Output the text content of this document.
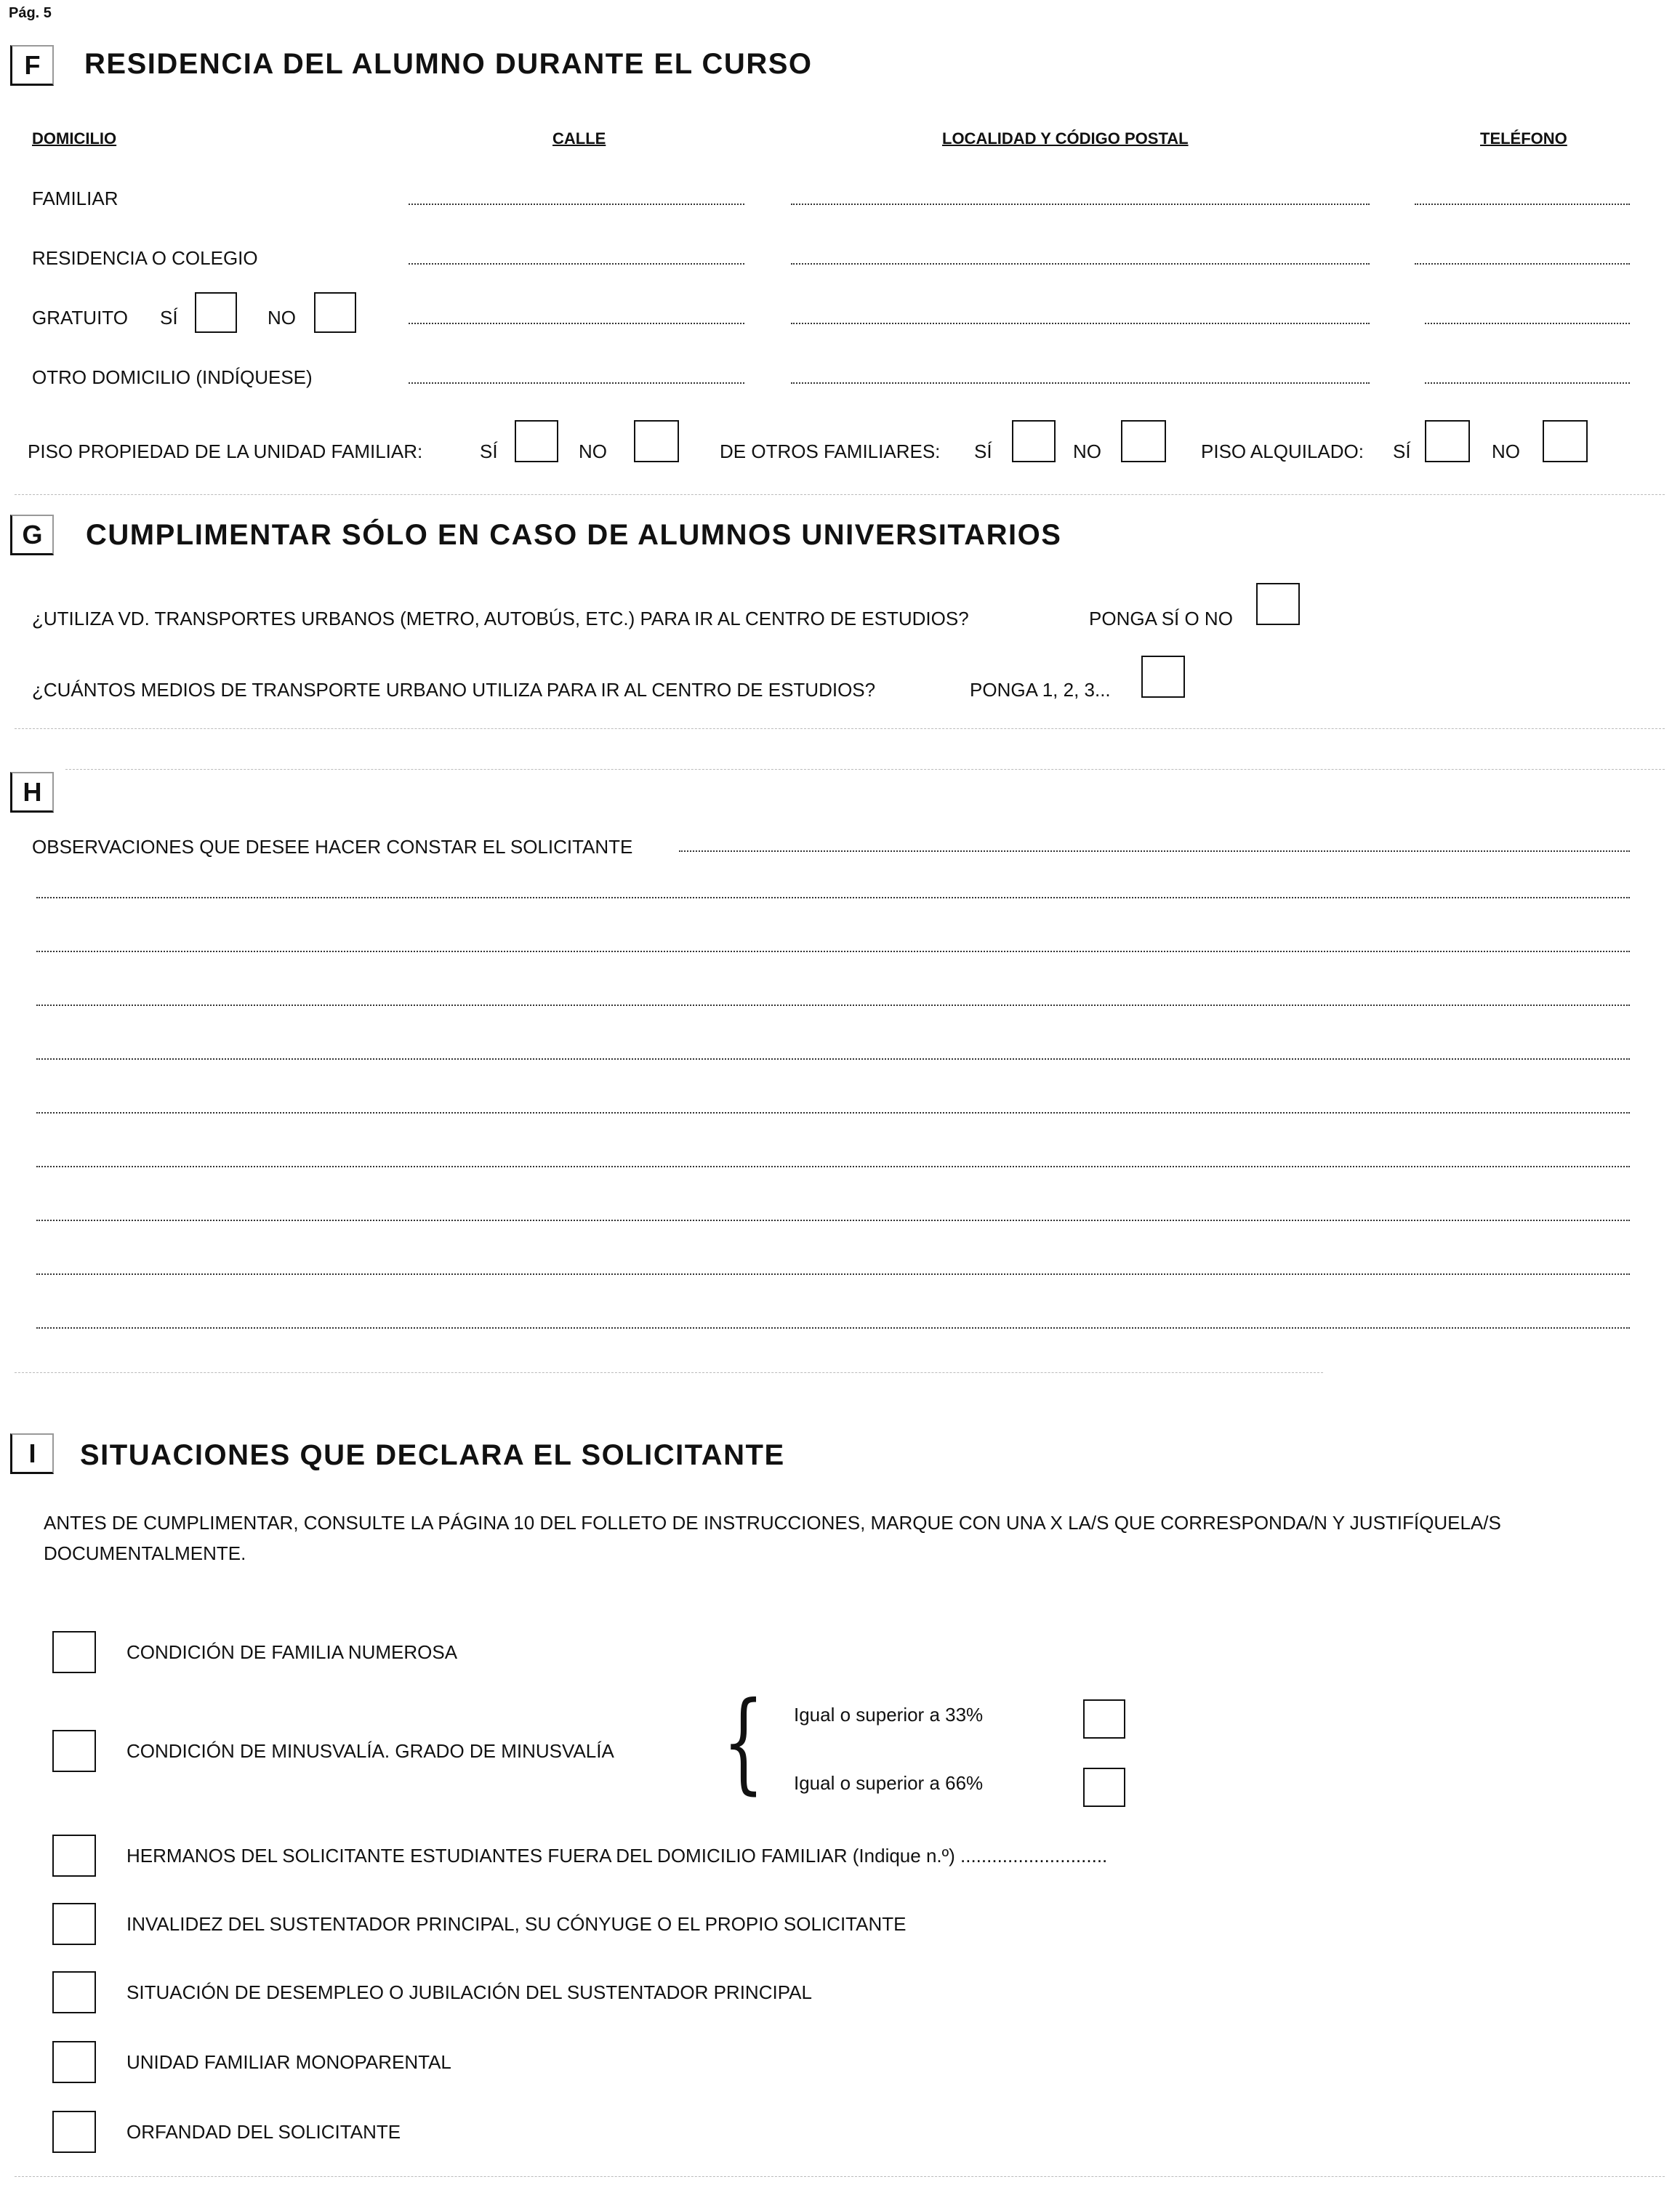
Pág. 5
F	RESIDENCIA DEL ALUMNO DURANTE EL CURSO
DOMICILIO	CALLE	LOCALIDAD Y CÓDIGO POSTAL	TELÉFONO
FAMILIAR
RESIDENCIA O COLEGIO
GRATUITO SÍ	NO
OTRO DOMICILIO (INDÍQUESE)
PISO PROPIEDAD DE LA UNIDAD FAMILIAR:	SÍ	NO	DE OTROS FAMILIARES: SÍ	NO	PISO ALQUILADO: SÍ	NO
G	CUMPLIMENTAR SÓLO EN CASO DE ALUMNOS UNIVERSITARIOS
¿UTILIZA VD. TRANSPORTES URBANOS (METRO, AUTOBÚS, ETC.) PARA IR AL CENTRO DE ESTUDIOS?	PONGA SÍ O NO
¿CUÁNTOS MEDIOS DE TRANSPORTE URBANO UTILIZA PARA IR AL CENTRO DE ESTUDIOS?	PONGA 1, 2, 3...
H
OBSERVACIONES QUE DESEE HACER CONSTAR EL SOLICITANTE
I	SITUACIONES QUE DECLARA EL SOLICITANTE
ANTES DE CUMPLIMENTAR, CONSULTE LA PÁGINA 10 DEL FOLLETO DE INSTRUCCIONES, MARQUE CON UNA X LA/S QUE CORRESPONDA/N Y JUSTIFÍQUELA/S
DOCUMENTALMENTE.
CONDICIÓN DE FAMILIA NUMEROSA
CONDICIÓN DE MINUSVALÍA. GRADO DE MINUSVALÍA { Igual o superior a 33%
Igual o superior a 66%
HERMANOS DEL SOLICITANTE ESTUDIANTES FUERA DEL DOMICILIO FAMILIAR (Indique n.º) ............................
INVALIDEZ DEL SUSTENTADOR PRINCIPAL, SU CÓNYUGE O EL PROPIO SOLICITANTE
SITUACIÓN DE DESEMPLEO O JUBILACIÓN DEL SUSTENTADOR PRINCIPAL
UNIDAD FAMILIAR MONOPARENTAL
ORFANDAD DEL SOLICITANTE
